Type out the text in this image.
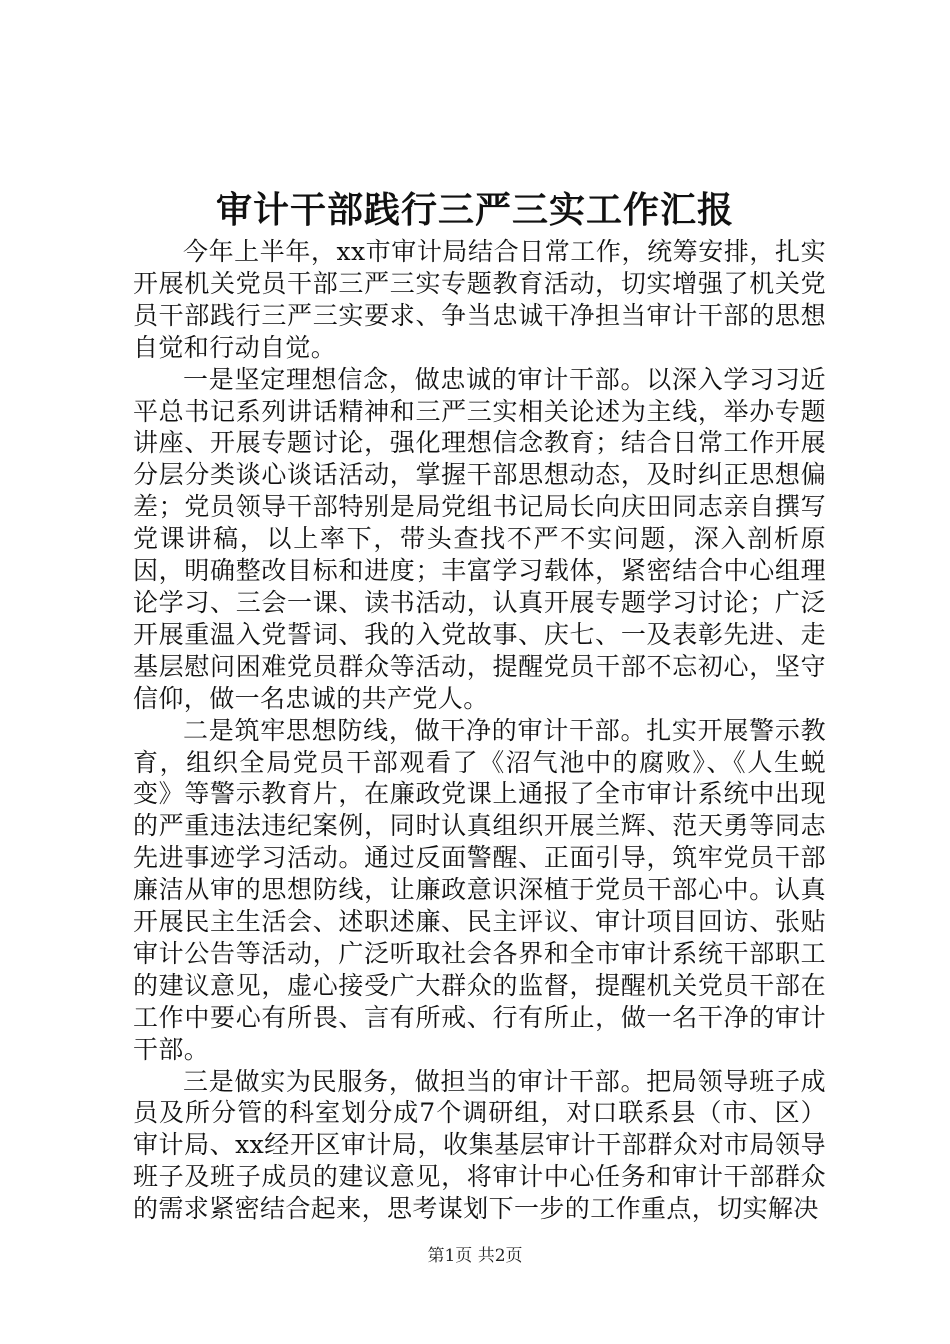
审计干部践行三严三实工作汇报

今年上半年，xx市审计局结合日常工作，统筹安排，扎实开展机关党员干部三严三实专题教育活动，切实增强了机关党员干部践行三严三实要求、争当忠诚干净担当审计干部的思想自觉和行动自觉。

一是坚定理想信念，做忠诚的审计干部。以深入学习习近平总书记系列讲话精神和三严三实相关论述为主线，举办专题讲座、开展专题讨论，强化理想信念教育；结合日常工作开展分层分类谈心谈话活动，掌握干部思想动态，及时纠正思想偏差；党员领导干部特别是局党组书记局长向庆田同志亲自撰写党课讲稿，以上率下，带头查找不严不实问题，深入剖析原因，明确整改目标和进度；丰富学习载体，紧密结合中心组理论学习、三会一课、读书活动，认真开展专题学习讨论；广泛开展重温入党誓词、我的入党故事、庆七、一及表彰先进、走基层慰问困难党员群众等活动，提醒党员干部不忘初心，坚守信仰，做一名忠诚的共产党人。

二是筑牢思想防线，做干净的审计干部。扎实开展警示教育，组织全局党员干部观看了《沼气池中的腐败》、《人生蜕变》等警示教育片，在廉政党课上通报了全市审计系统中出现的严重违法违纪案例，同时认真组织开展兰辉、范天勇等同志先进事迹学习活动。通过反面警醒、正面引导，筑牢党员干部廉洁从审的思想防线，让廉政意识深植于党员干部心中。认真开展民主生活会、述职述廉、民主评议、审计项目回访、张贴审计公告等活动，广泛听取社会各界和全市审计系统干部职工的建议意见，虚心接受广大群众的监督，提醒机关党员干部在工作中要心有所畏、言有所戒、行有所止，做一名干净的审计干部。

三是做实为民服务，做担当的审计干部。把局领导班子成员及所分管的科室划分成7个调研组，对口联系县（市、区）审计局、xx经开区审计局，收集基层审计干部群众对市局领导班子及班子成员的建议意见，将审计中心任务和审计干部群众的需求紧密结合起来，思考谋划下一步的工作重点，切实解决

第1页 共2页
